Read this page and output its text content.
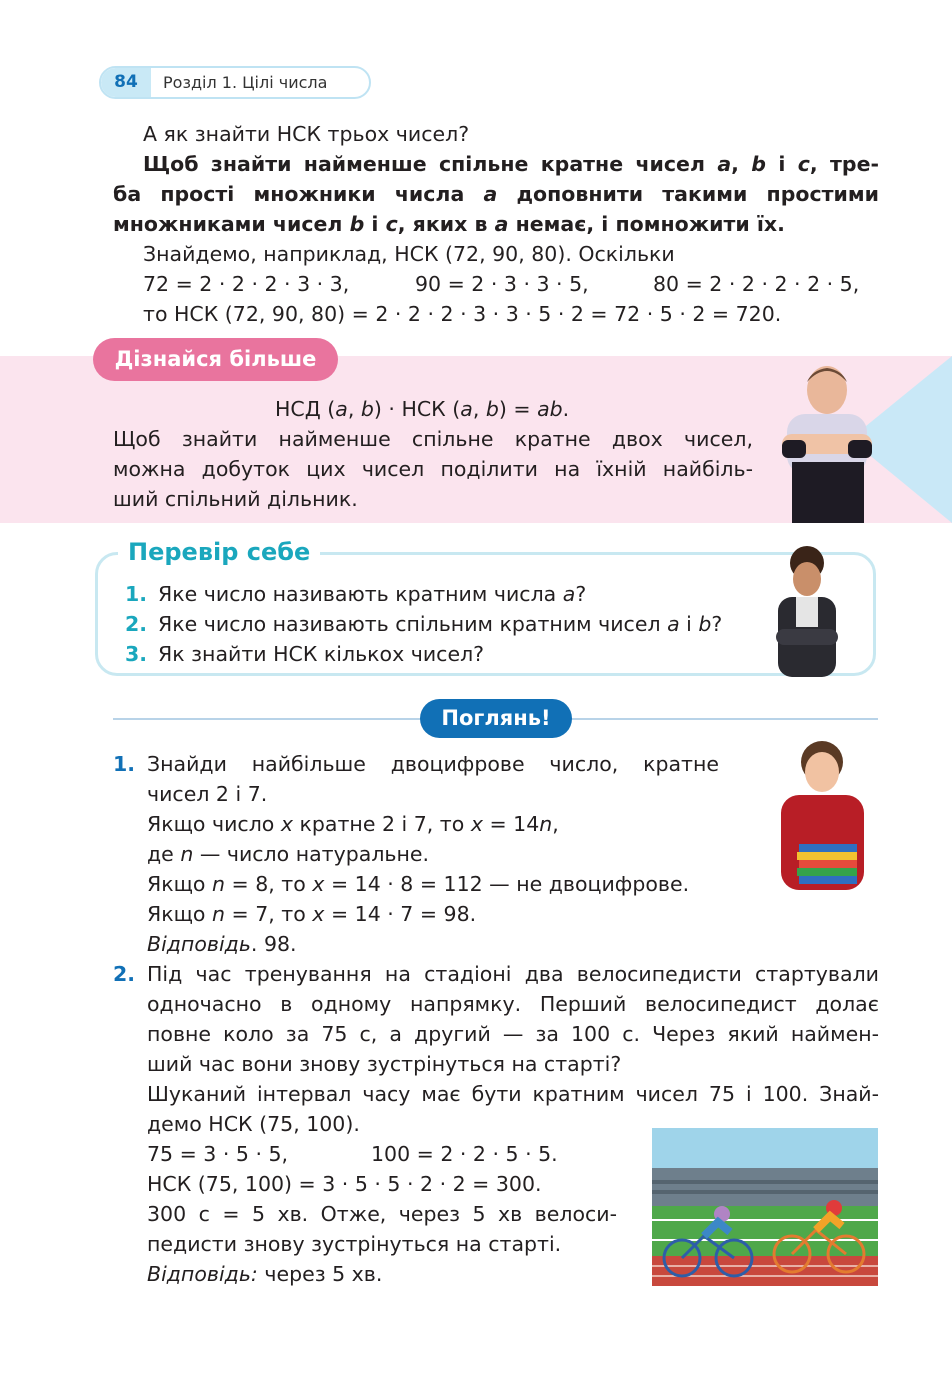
84	Розділ 1. Цілі числа
А як знайти НСК трьох чисел?
Щоб знайти найменше спільне кратне чисел a, b і c, тре-
ба прості множники числа a доповнити такими простими
множниками чисел b і c, яких в a немає, і помножити їх.
Знайдемо, наприклад, НСК (72, 90, 80). Оскільки
72 = 2 · 2 · 2 · 3 · 3,	90 = 2 · 3 · 3 · 5,	80 = 2 · 2 · 2 · 2 · 5,
то НСК (72, 90, 80) = 2 · 2 · 2 · 3 · 3 · 5 · 2 = 72 · 5 · 2 = 720.
Дізнайся більше
НСД (a, b) · НСК (a, b) = ab.
Щоб знайти найменше спільне кратне двох чисел,
можна добуток цих чисел поділити на їхній найбіль-
ший спільний дільник.
Перевір себе
1. Яке число називають кратним числа a?
2. Яке число називають спільним кратним чисел a і b?
3. Як знайти НСК кількох чисел?
Поглянь!
1. Знайди найбільше двоцифрове число, кратне
чисел 2 і 7.
Якщо число x кратне 2 і 7, то x = 14n,
де n — число натуральне.
Якщо n = 8, то x = 14 · 8 = 112 — не двоцифрове.
Якщо n = 7, то x = 14 · 7 = 98.
Відповідь. 98.
2. Під час тренування на стадіоні два велосипедисти стартували
одночасно в одному напрямку. Перший велосипедист долає
повне коло за 75 с, а другий — за 100 с. Через який наймен-
ший час вони знову зустрінуться на старті?
Шуканий інтервал часу має бути кратним чисел 75 і 100. Знай-
демо НСК (75, 100).
75 = 3 · 5 · 5,	100 = 2 · 2 · 5 · 5.
НСК (75, 100) = 3 · 5 · 5 · 2 · 2 = 300.
300 с = 5 хв. Отже, через 5 хв велоси-
педисти знову зустрінуться на старті.
Відповідь: через 5 хв.
